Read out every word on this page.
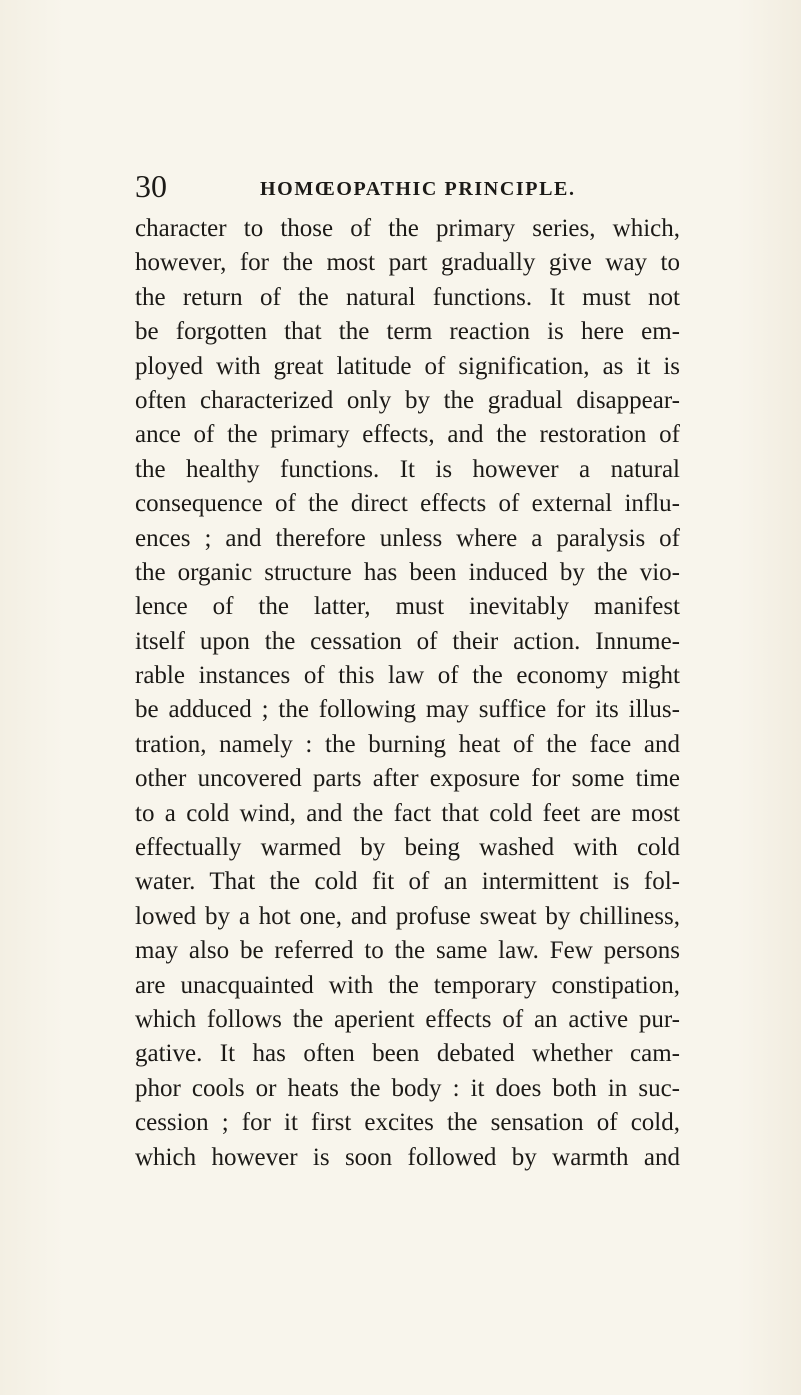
30	HOMŒOPATHIC PRINCIPLE.
character to those of the primary series, which,
however, for the most part gradually give way to
the return of the natural functions. It must not
be forgotten that the term reaction is here em-
ployed with great latitude of signification, as it is
often characterized only by the gradual disappear-
ance of the primary effects, and the restoration of
the healthy functions. It is however a natural
consequence of the direct effects of external influ-
ences ; and therefore unless where a paralysis of
the organic structure has been induced by the vio-
lence of the latter, must inevitably manifest
itself upon the cessation of their action. Innume-
rable instances of this law of the economy might
be adduced ; the following may suffice for its illus-
tration, namely : the burning heat of the face and
other uncovered parts after exposure for some time
to a cold wind, and the fact that cold feet are most
effectually warmed by being washed with cold
water. That the cold fit of an intermittent is fol-
lowed by a hot one, and profuse sweat by chilliness,
may also be referred to the same law. Few persons
are unacquainted with the temporary constipation,
which follows the aperient effects of an active pur-
gative. It has often been debated whether cam-
phor cools or heats the body : it does both in suc-
cession ; for it first excites the sensation of cold,
which however is soon followed by warmth and
